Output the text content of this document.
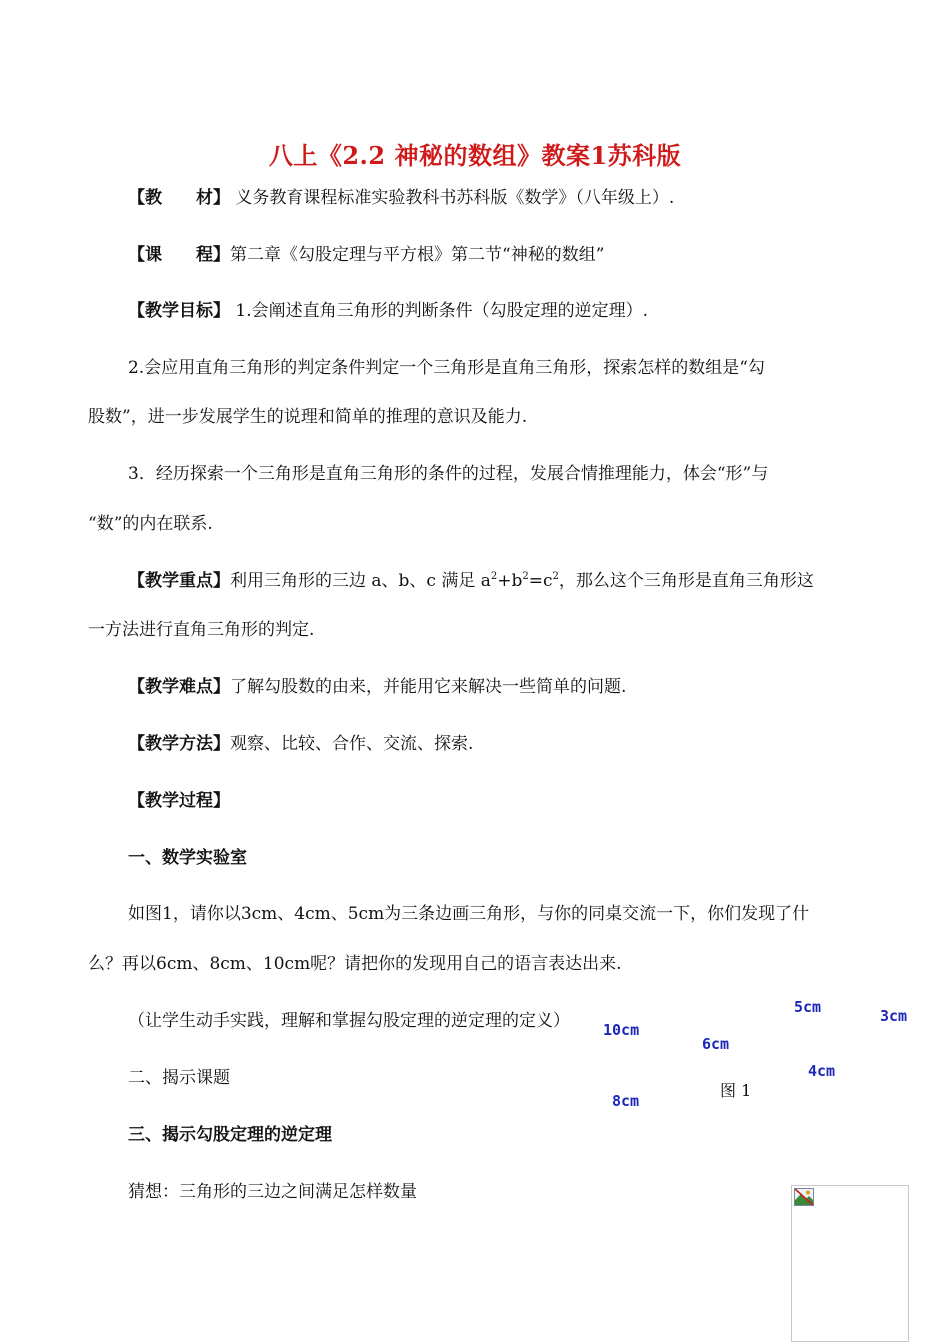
八上《2.2 神秘的数组》教案1苏科版
【教　　材】 义务教育课程标准实验教科书苏科版《数学》（八年级上）.
【课　　程】第二章《勾股定理与平方根》第二节“神秘的数组”
【教学目标】 1.会阐述直角三角形的判断条件（勾股定理的逆定理）.
2.会应用直角三角形的判定条件判定一个三角形是直角三角形，探索怎样的数组是“勾
股数”，进一步发展学生的说理和简单的推理的意识及能力.
3．经历探索一个三角形是直角三角形的条件的过程，发展合情推理能力，体会“形”与
“数”的内在联系.
【教学重点】利用三角形的三边 a、b、c 满足 $a^2+b^2=c^2$，那么这个三角形是直角三角形这
一方法进行直角三角形的判定.
【教学难点】了解勾股数的由来，并能用它来解决一些简单的问题.
【教学方法】观察、比较、合作、交流、探索.
【教学过程】
一、数学实验室
如图1，请你以3cm、4cm、5cm为三条边画三角形，与你的同桌交流一下，你们发现了什
么？再以6cm、8cm、10cm呢？请把你的发现用自己的语言表达出来.
（让学生动手实践，理解和掌握勾股定理的逆定理的定义）
二、揭示课题
三、揭示勾股定理的逆定理
猜想：三角形的三边之间满足怎样数量
5cm	3cm
10cm
6cm
4cm
8cm
图 1
